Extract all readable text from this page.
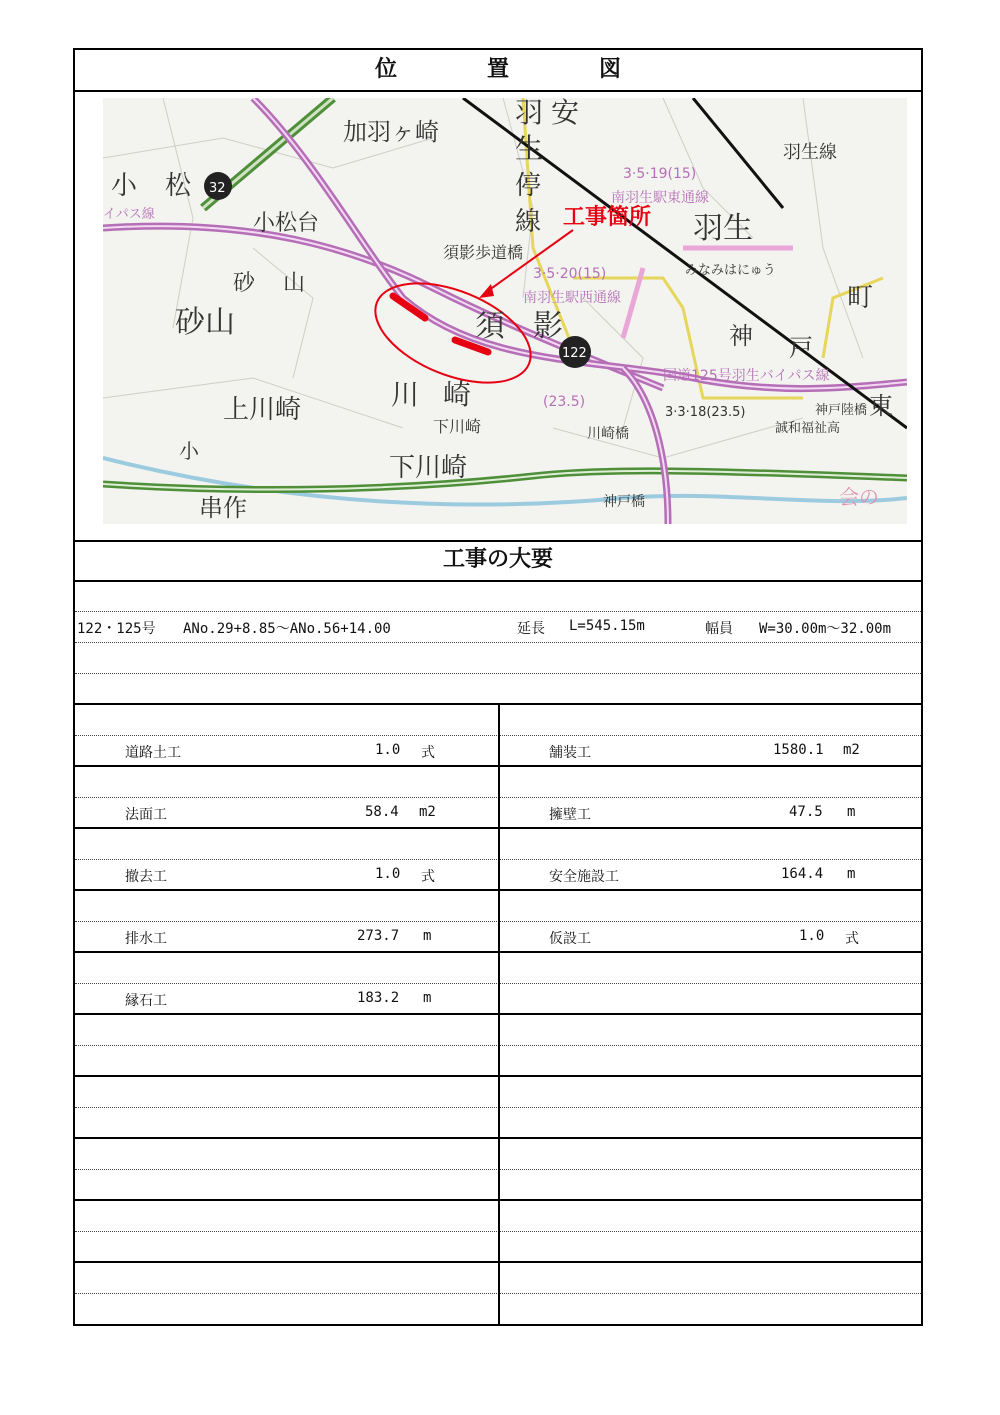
位　置　図
加羽ヶ崎
羽 安
生
停
線
小 松
小松台	羽生
3·5·19(15)
南羽生駅東通線
3·5·20(15)
南羽生駅西通線
砂 山
砂山	須 影
須影歩道橋
川 崎
上川崎
下川崎
神 戸
町
国道125号羽生バイパス線
3·3·18(23.5)
川崎橋
神戸橋
神戸陸橋
誠和福祉高
みなみはにゅう
羽生線
イパス線
32
122
串作
下川崎
東
(23.5)
小
会の
工事箇所
工事の大要
122・125号 ANo.29+8.85～ANo.56+14.00	延長 L=545.15m	幅員 W=30.00m～32.00m
道路土工	1.0 式	舗装工	1580.1 m2
法面工	58.4 m2	擁壁工	47.5 m
撤去工	1.0 式	安全施設工	164.4 m
排水工	273.7 m	仮設工	1.0 式
縁石工	183.2 m
